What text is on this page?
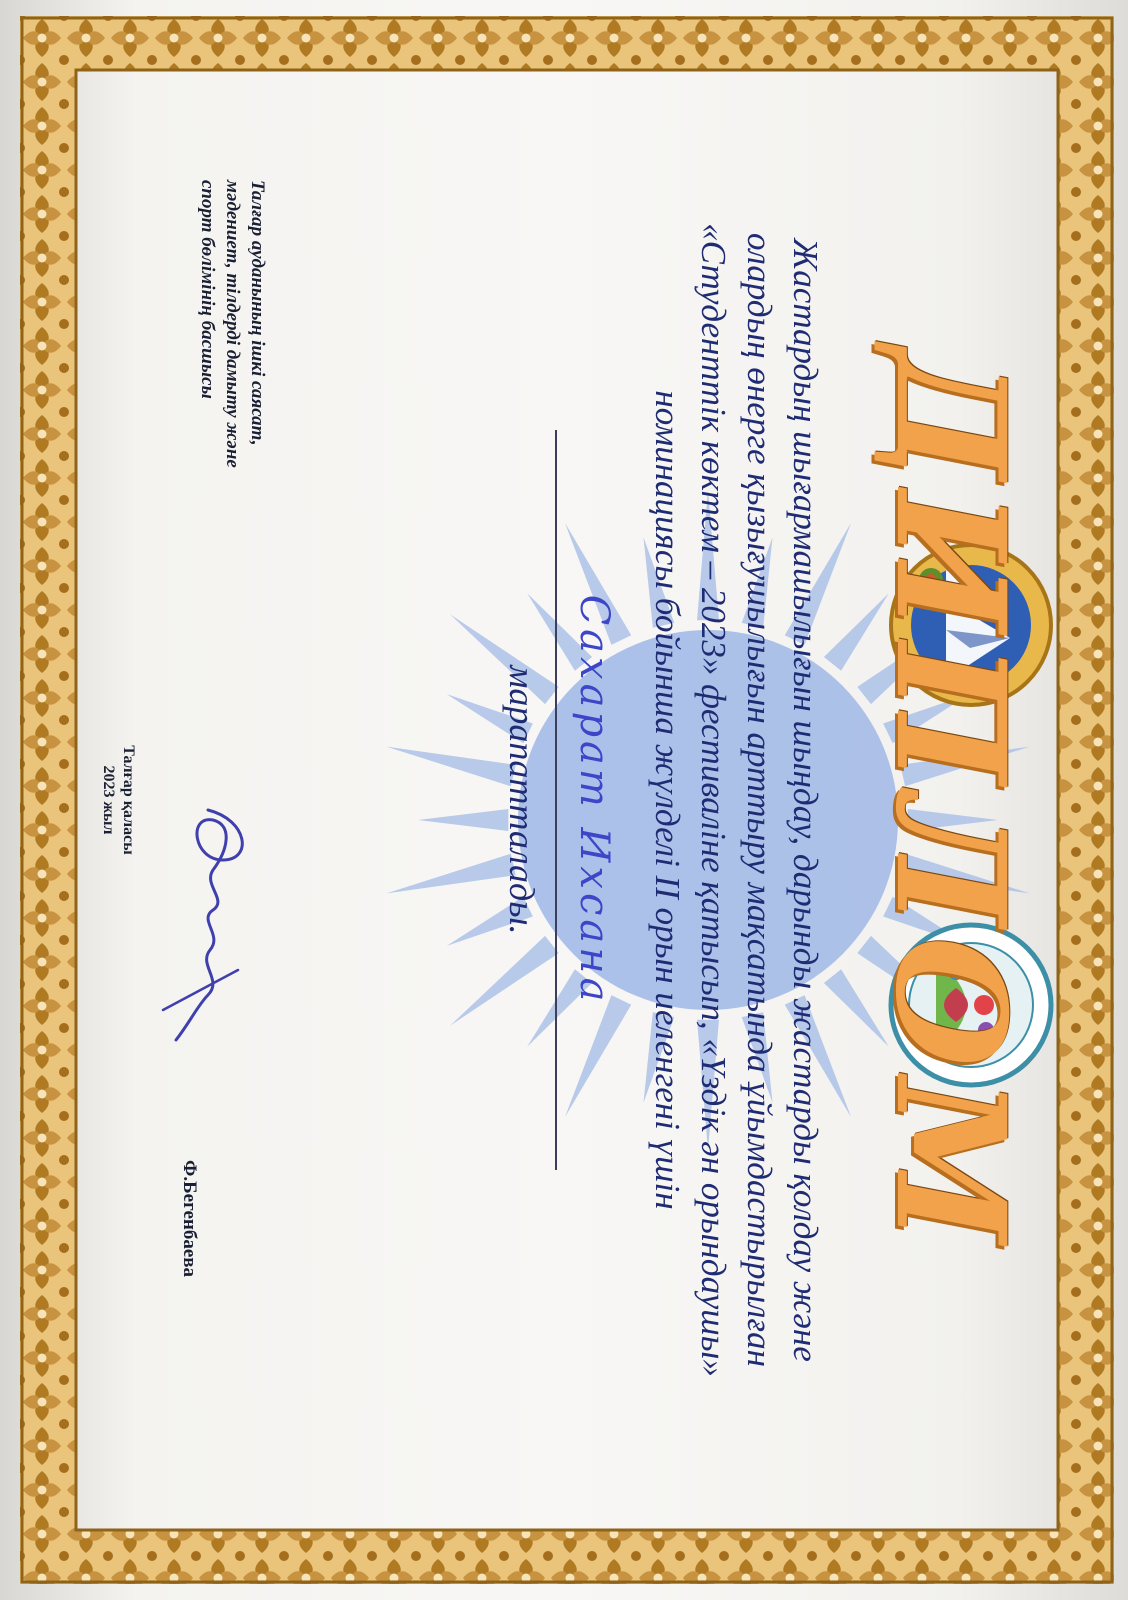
ДИПЛОМ
Жастардың шығармашылығын шыңдау, дарынды жастарды қолдау және
олардың өнерге қызығушылығын арттыру мақсатында ұйымдастырылған
«Студенттік көктем – 2023» фестиваліне қатысып, «Үздік ән орындаушы»
номинациясы бойынша жүлделі II орын иеленгені үшін
Сахарат Ихсана
марапатталады.
Талғар ауданының ішкі саясат,
мәдениет, тілдерді дамыту және
спорт бөлімінің басшысы
Ф.Бегенбаева
Талғар қаласы
2023 жыл
